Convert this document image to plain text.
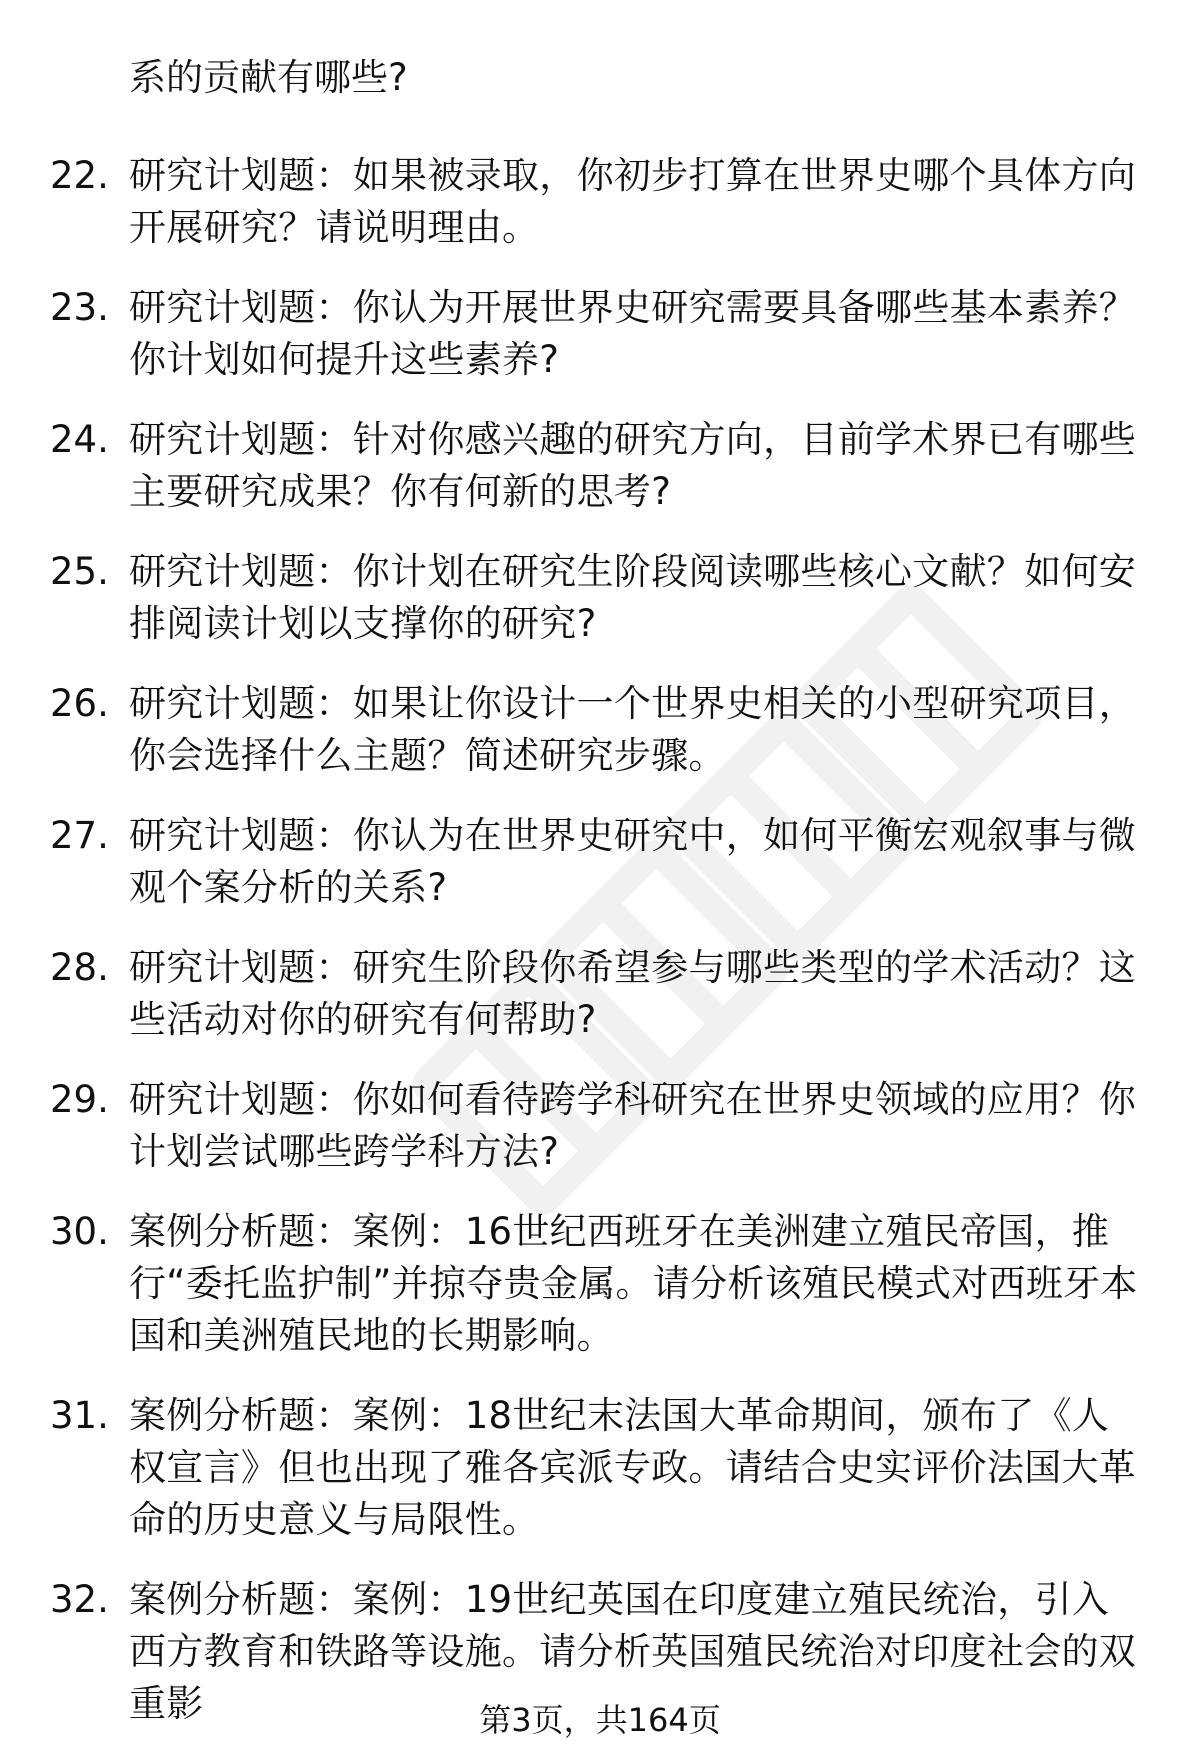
系的贡献有哪些?
22. 研究计划题：如果被录取，你初步打算在世界史哪个具体方向开展研究？请说明理由。
23. 研究计划题：你认为开展世界史研究需要具备哪些基本素养？你计划如何提升这些素养?
24. 研究计划题：针对你感兴趣的研究方向，目前学术界已有哪些主要研究成果？你有何新的思考?
25. 研究计划题：你计划在研究生阶段阅读哪些核心文献？如何安排阅读计划以支撑你的研究?
26. 研究计划题：如果让你设计一个世界史相关的小型研究项目，你会选择什么主题？简述研究步骤。
27. 研究计划题：你认为在世界史研究中，如何平衡宏观叙事与微观个案分析的关系?
28. 研究计划题：研究生阶段你希望参与哪些类型的学术活动？这些活动对你的研究有何帮助?
29. 研究计划题：你如何看待跨学科研究在世界史领域的应用？你计划尝试哪些跨学科方法?
30. 案例分析题：案例：16世纪西班牙在美洲建立殖民帝国，推行“委托监护制”并掠夺贵金属。请分析该殖民模式对西班牙本国和美洲殖民地的长期影响。
31. 案例分析题：案例：18世纪末法国大革命期间，颁布了《人权宣言》但也出现了雅各宾派专政。请结合史实评价法国大革命的历史意义与局限性。
32. 案例分析题：案例：19世纪英国在印度建立殖民统治，引入西方教育和铁路等设施。请分析英国殖民统治对印度社会的双重影	第3页，共164页
